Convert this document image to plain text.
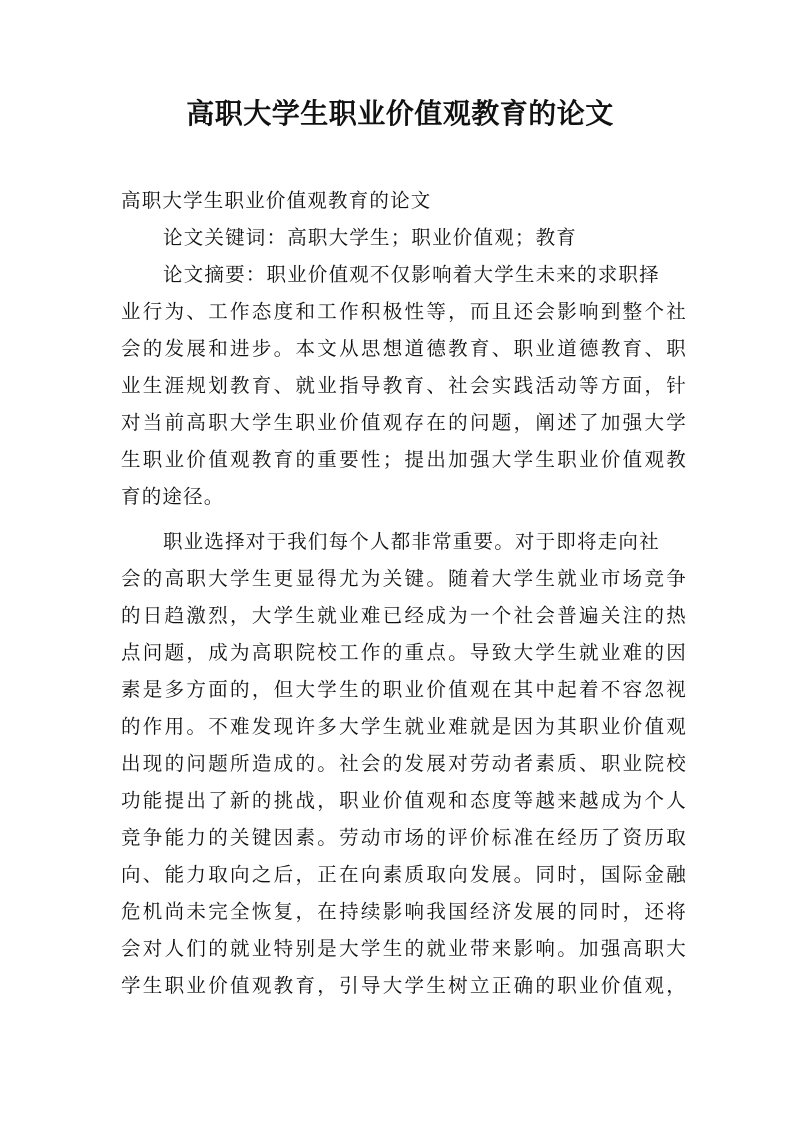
高职大学生职业价值观教育的论文
高职大学生职业价值观教育的论文
论文关键词：高职大学生；职业价值观；教育
论文摘要：职业价值观不仅影响着大学生未来的求职择
业行为、工作态度和工作积极性等，而且还会影响到整个社
会的发展和进步。本文从思想道德教育、职业道德教育、职
业生涯规划教育、就业指导教育、社会实践活动等方面，针
对当前高职大学生职业价值观存在的问题，阐述了加强大学
生职业价值观教育的重要性；提出加强大学生职业价值观教
育的途径。
职业选择对于我们每个人都非常重要。对于即将走向社
会的高职大学生更显得尤为关键。随着大学生就业市场竞争
的日趋激烈，大学生就业难已经成为一个社会普遍关注的热
点问题，成为高职院校工作的重点。导致大学生就业难的因
素是多方面的，但大学生的职业价值观在其中起着不容忽视
的作用。不难发现许多大学生就业难就是因为其职业价值观
出现的问题所造成的。社会的发展对劳动者素质、职业院校
功能提出了新的挑战，职业价值观和态度等越来越成为个人
竞争能力的关键因素。劳动市场的评价标准在经历了资历取
向、能力取向之后，正在向素质取向发展。同时，国际金融
危机尚未完全恢复，在持续影响我国经济发展的同时，还将
会对人们的就业特别是大学生的就业带来影响。加强高职大
学生职业价值观教育，引导大学生树立正确的职业价值观，
